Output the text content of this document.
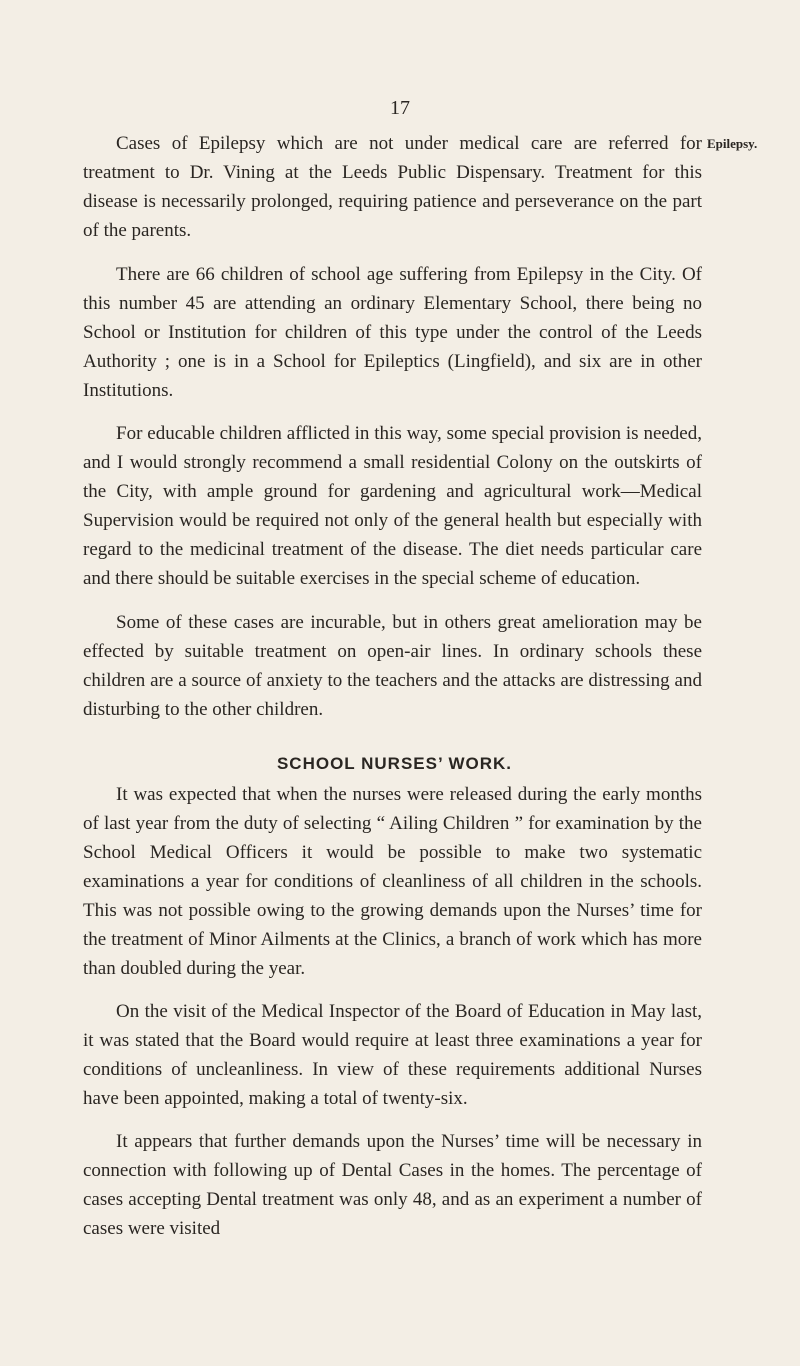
17
Epilepsy.

Cases of Epilepsy which are not under medical care are referred for treatment to Dr. Vining at the Leeds Public Dispensary. Treatment for this disease is necessarily prolonged, requiring patience and perseverance on the part of the parents.

There are 66 children of school age suffering from Epilepsy in the City. Of this number 45 are attending an ordinary Elementary School, there being no School or Institution for children of this type under the control of the Leeds Authority ; one is in a School for Epileptics (Lingfield), and six are in other Institutions.

For educable children afflicted in this way, some special provision is needed, and I would strongly recommend a small residential Colony on the outskirts of the City, with ample ground for gardening and agricultural work—Medical Supervision would be required not only of the general health but especially with regard to the medicinal treatment of the disease. The diet needs particular care and there should be suitable exercises in the special scheme of education.

Some of these cases are incurable, but in others great amelioration may be effected by suitable treatment on open-air lines. In ordinary schools these children are a source of anxiety to the teachers and the attacks are distressing and disturbing to the other children.

SCHOOL NURSES’ WORK.

It was expected that when the nurses were released during the early months of last year from the duty of selecting “ Ailing Children ” for examination by the School Medical Officers it would be possible to make two systematic examinations a year for conditions of cleanliness of all children in the schools. This was not possible owing to the growing demands upon the Nurses’ time for the treatment of Minor Ailments at the Clinics, a branch of work which has more than doubled during the year.

On the visit of the Medical Inspector of the Board of Education in May last, it was stated that the Board would require at least three examinations a year for conditions of uncleanliness. In view of these requirements additional Nurses have been appointed, making a total of twenty-six.

It appears that further demands upon the Nurses’ time will be necessary in connection with following up of Dental Cases in the homes. The percentage of cases accepting Dental treatment was only 48, and as an experiment a number of cases were visited
